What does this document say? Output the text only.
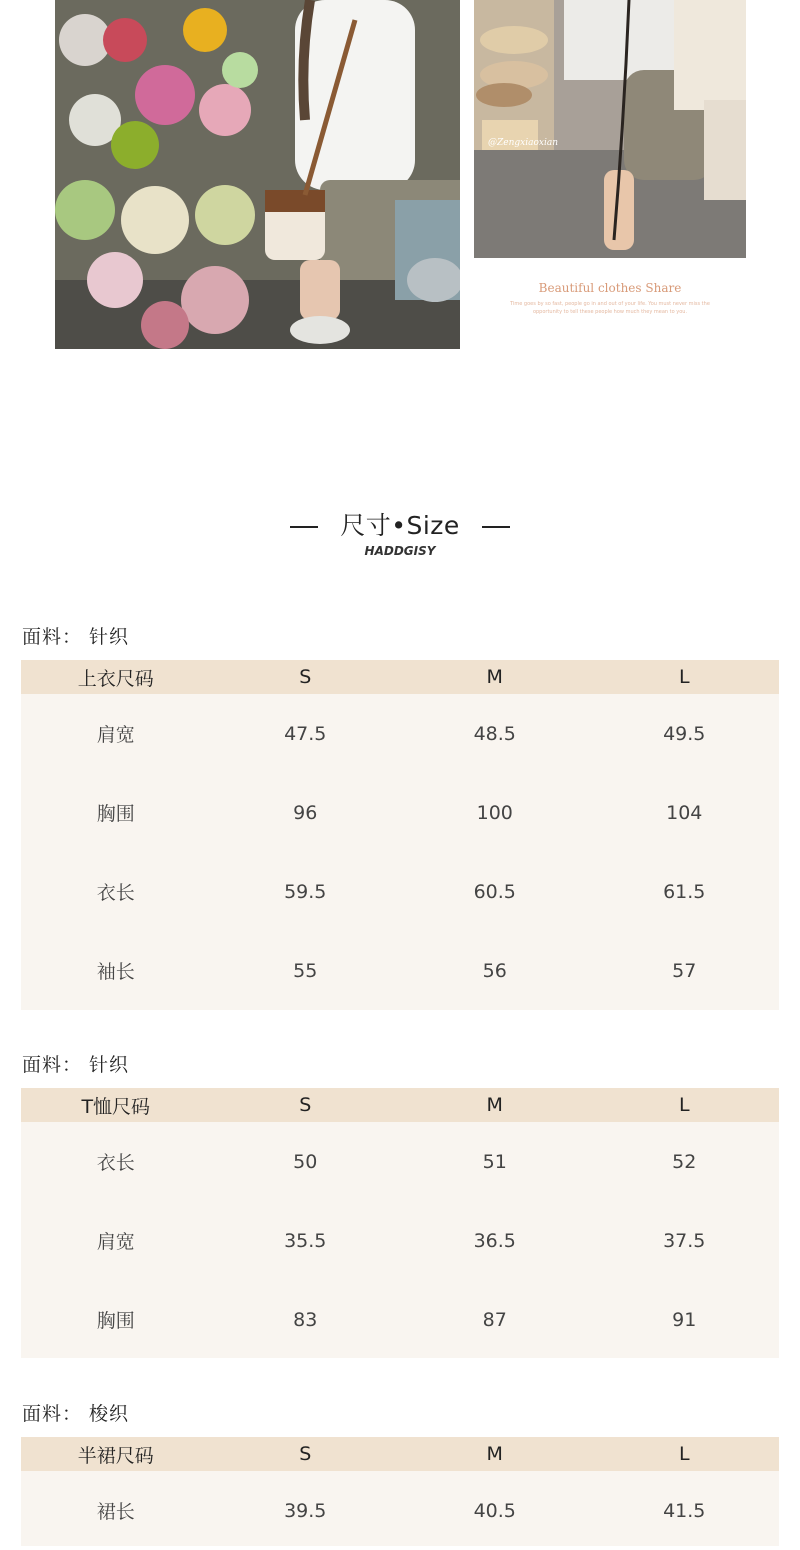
@Zengxiaoxian
Beautiful clothes Share
Time goes by so fast, people go in and out of your life. You must never miss the opportunity to tell these people how much they mean to you.
尺寸•Size
HADDGISY
面料： 针织
上衣尺码	S	M	L
肩宽	47.5	48.5	49.5
胸围	96	100	104
衣长	59.5	60.5	61.5
袖长	55	56	57
面料： 针织
T恤尺码	S	M	L
衣长	50	51	52
肩宽	35.5	36.5	37.5
胸围	83	87	91
面料： 梭织
半裙尺码	S	M	L
裙长	39.5	40.5	41.5
